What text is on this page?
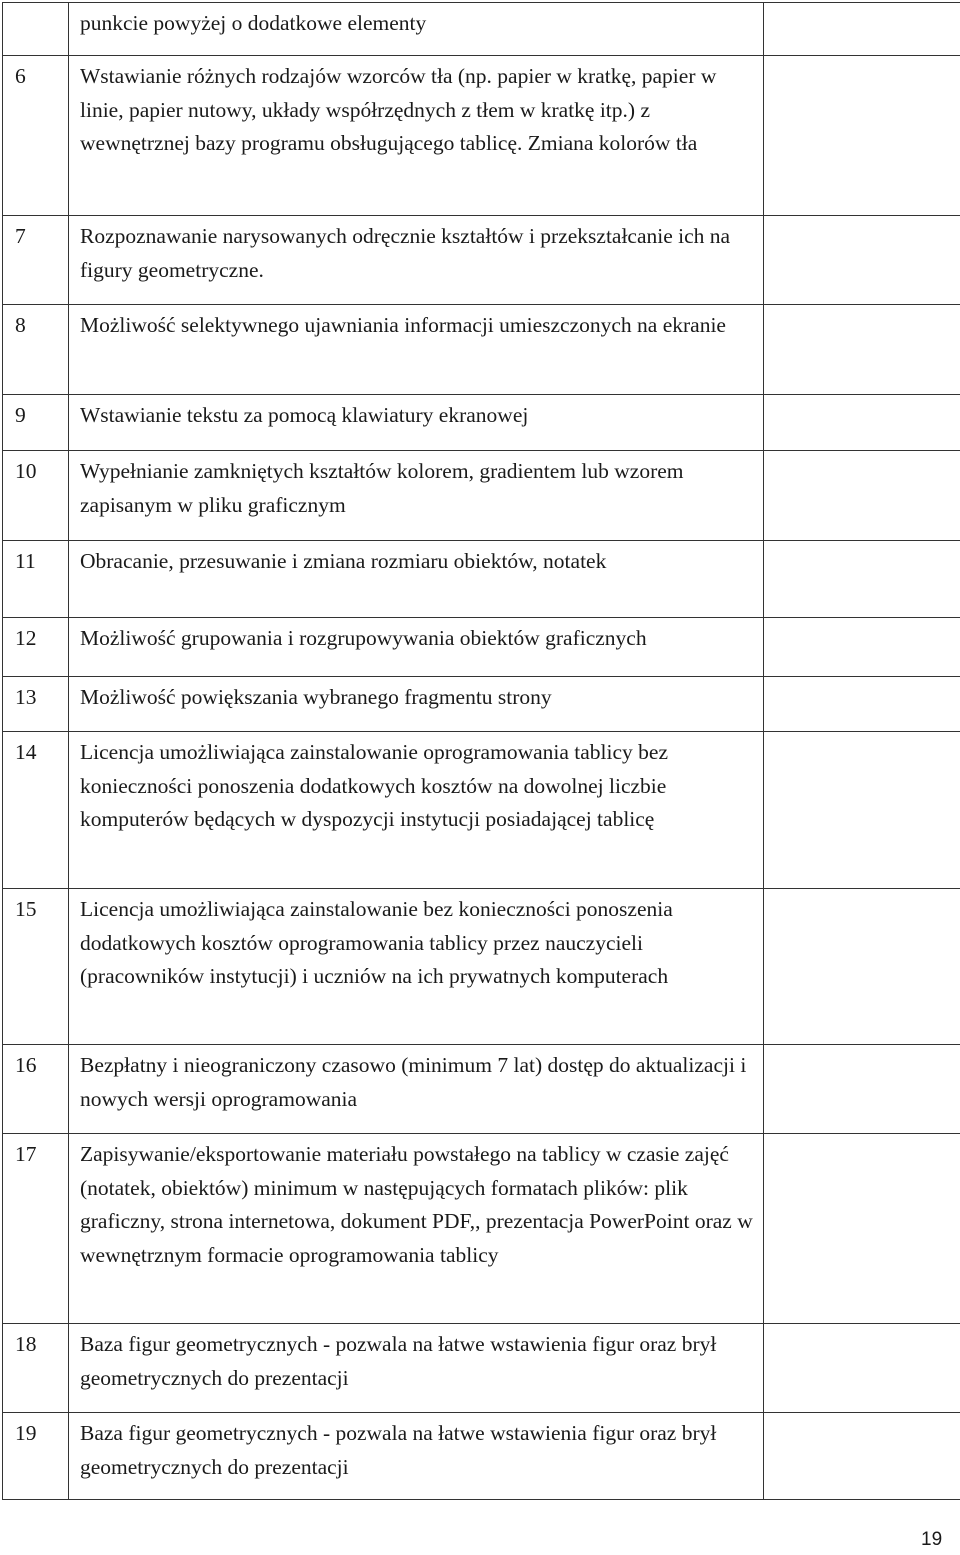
	punkcie powyżej o dodatkowe elementy	
6	Wstawianie różnych rodzajów wzorców tła (np. papier w kratkę, papier w linie, papier nutowy, układy współrzędnych z tłem w kratkę itp.) z wewnętrznej bazy programu obsługującego tablicę. Zmiana kolorów tła	
7	Rozpoznawanie narysowanych odręcznie kształtów i przekształcanie ich na figury geometryczne.	
8	Możliwość selektywnego ujawniania informacji umieszczonych na ekranie	
9	Wstawianie tekstu za pomocą klawiatury ekranowej	
10	Wypełnianie zamkniętych kształtów kolorem, gradientem lub wzorem zapisanym w pliku graficznym	
11	Obracanie, przesuwanie i zmiana rozmiaru obiektów, notatek	
12	Możliwość grupowania i rozgrupowywania obiektów graficznych	
13	Możliwość powiększania wybranego fragmentu strony	
14	Licencja umożliwiająca zainstalowanie oprogramowania tablicy bez konieczności ponoszenia dodatkowych kosztów na dowolnej liczbie komputerów będących w dyspozycji instytucji posiadającej tablicę	
15	Licencja umożliwiająca zainstalowanie bez konieczności ponoszenia dodatkowych kosztów oprogramowania tablicy przez nauczycieli (pracowników instytucji) i uczniów na ich prywatnych komputerach	
16	Bezpłatny i nieograniczony czasowo (minimum 7 lat) dostęp do aktualizacji i nowych wersji oprogramowania	
17	Zapisywanie/eksportowanie materiału powstałego na tablicy w czasie zajęć (notatek, obiektów) minimum w następujących formatach plików: plik graficzny, strona internetowa, dokument PDF,, prezentacja PowerPoint oraz w wewnętrznym formacie oprogramowania tablicy	
18	Baza figur geometrycznych - pozwala na łatwe wstawienia figur oraz brył geometrycznych do prezentacji	
19	Baza figur geometrycznych - pozwala na łatwe wstawienia figur oraz brył geometrycznych do prezentacji	
19
